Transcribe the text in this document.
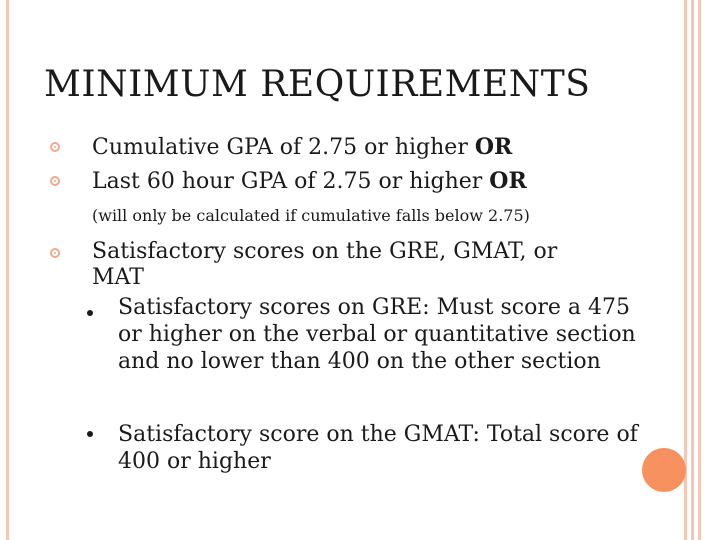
MINIMUM REQUIREMENTS
Cumulative GPA of 2.75 or higher OR
Last 60 hour GPA of 2.75 or higher OR
(will only be calculated if cumulative falls below 2.75)
Satisfactory scores on the GRE, GMAT, or
MAT
Satisfactory scores on GRE: Must score a 475 or higher on the verbal or quantitative section and no lower than 400 on the other section
Satisfactory score on the GMAT: Total score of 400 or higher
